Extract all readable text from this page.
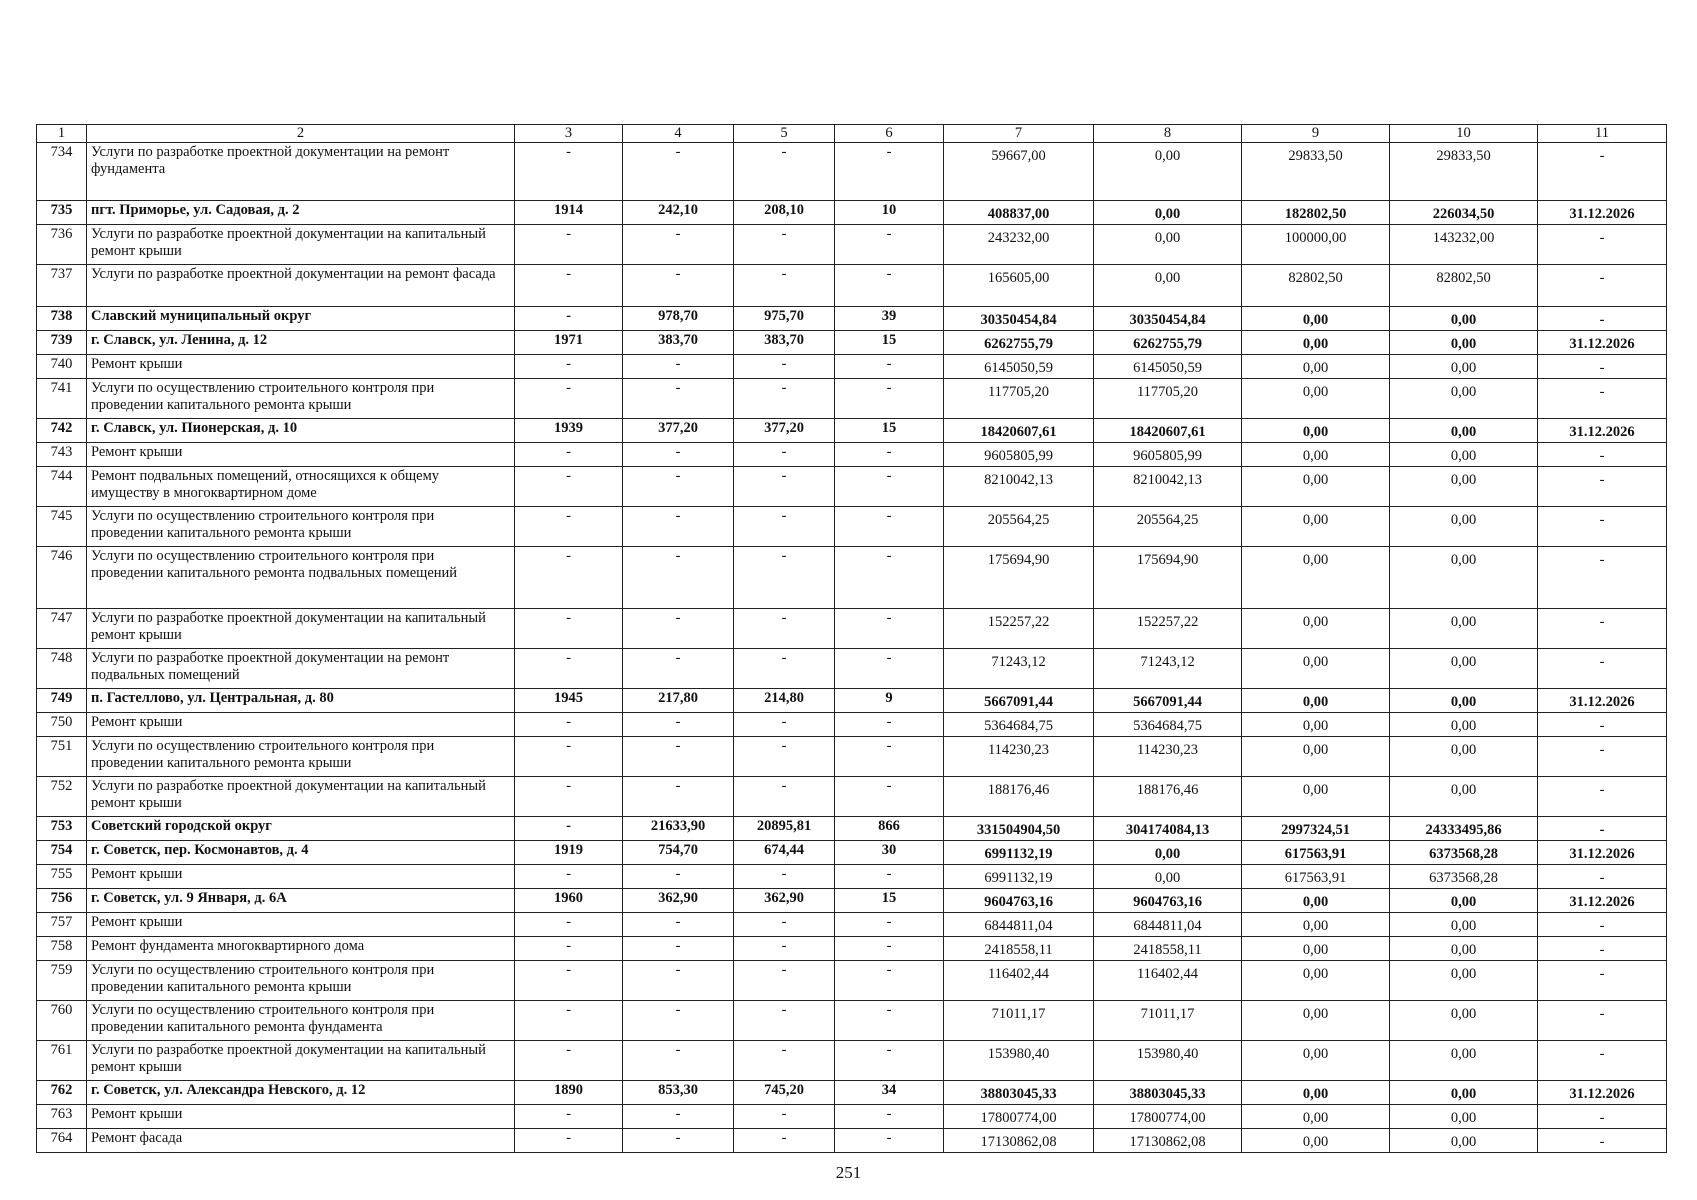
1	2	3	4	5	6	7	8	9	10	11
734	Услуги по разработке проектной документации на ремонт фундамента	-	-	-	-	59667,00	0,00	29833,50	29833,50	-
735	пгт. Приморье, ул. Садовая, д. 2	1914	242,10	208,10	10	408837,00	0,00	182802,50	226034,50	31.12.2026
736	Услуги по разработке проектной документации на капитальный ремонт крыши	-	-	-	-	243232,00	0,00	100000,00	143232,00	-
737	Услуги по разработке проектной документации на ремонт фасада	-	-	-	-	165605,00	0,00	82802,50	82802,50	-
738	Славский муниципальный округ	-	978,70	975,70	39	30350454,84	30350454,84	0,00	0,00	-
739	г. Славск, ул. Ленина, д. 12	1971	383,70	383,70	15	6262755,79	6262755,79	0,00	0,00	31.12.2026
740	Ремонт крыши	-	-	-	-	6145050,59	6145050,59	0,00	0,00	-
741	Услуги по осуществлению строительного контроля при проведении капитального ремонта крыши	-	-	-	-	117705,20	117705,20	0,00	0,00	-
742	г. Славск, ул. Пионерская, д. 10	1939	377,20	377,20	15	18420607,61	18420607,61	0,00	0,00	31.12.2026
743	Ремонт крыши	-	-	-	-	9605805,99	9605805,99	0,00	0,00	-
744	Ремонт подвальных помещений, относящихся к общему имуществу в многоквартирном доме	-	-	-	-	8210042,13	8210042,13	0,00	0,00	-
745	Услуги по осуществлению строительного контроля при проведении капитального ремонта крыши	-	-	-	-	205564,25	205564,25	0,00	0,00	-
746	Услуги по осуществлению строительного контроля при проведении капитального ремонта подвальных помещений	-	-	-	-	175694,90	175694,90	0,00	0,00	-
747	Услуги по разработке проектной документации на капитальный ремонт крыши	-	-	-	-	152257,22	152257,22	0,00	0,00	-
748	Услуги по разработке проектной документации на ремонт подвальных помещений	-	-	-	-	71243,12	71243,12	0,00	0,00	-
749	п. Гастеллово, ул. Центральная, д. 80	1945	217,80	214,80	9	5667091,44	5667091,44	0,00	0,00	31.12.2026
750	Ремонт крыши	-	-	-	-	5364684,75	5364684,75	0,00	0,00	-
751	Услуги по осуществлению строительного контроля при проведении капитального ремонта крыши	-	-	-	-	114230,23	114230,23	0,00	0,00	-
752	Услуги по разработке проектной документации на капитальный ремонт крыши	-	-	-	-	188176,46	188176,46	0,00	0,00	-
753	Советский городской округ	-	21633,90	20895,81	866	331504904,50	304174084,13	2997324,51	24333495,86	-
754	г. Советск, пер. Космонавтов, д. 4	1919	754,70	674,44	30	6991132,19	0,00	617563,91	6373568,28	31.12.2026
755	Ремонт крыши	-	-	-	-	6991132,19	0,00	617563,91	6373568,28	-
756	г. Советск, ул. 9 Января, д. 6А	1960	362,90	362,90	15	9604763,16	9604763,16	0,00	0,00	31.12.2026
757	Ремонт крыши	-	-	-	-	6844811,04	6844811,04	0,00	0,00	-
758	Ремонт фундамента многоквартирного дома	-	-	-	-	2418558,11	2418558,11	0,00	0,00	-
759	Услуги по осуществлению строительного контроля при проведении капитального ремонта крыши	-	-	-	-	116402,44	116402,44	0,00	0,00	-
760	Услуги по осуществлению строительного контроля при проведении капитального ремонта фундамента	-	-	-	-	71011,17	71011,17	0,00	0,00	-
761	Услуги по разработке проектной документации на капитальный ремонт крыши	-	-	-	-	153980,40	153980,40	0,00	0,00	-
762	г. Советск, ул. Александра Невского, д. 12	1890	853,30	745,20	34	38803045,33	38803045,33	0,00	0,00	31.12.2026
763	Ремонт крыши	-	-	-	-	17800774,00	17800774,00	0,00	0,00	-
764	Ремонт фасада	-	-	-	-	17130862,08	17130862,08	0,00	0,00	-
251
